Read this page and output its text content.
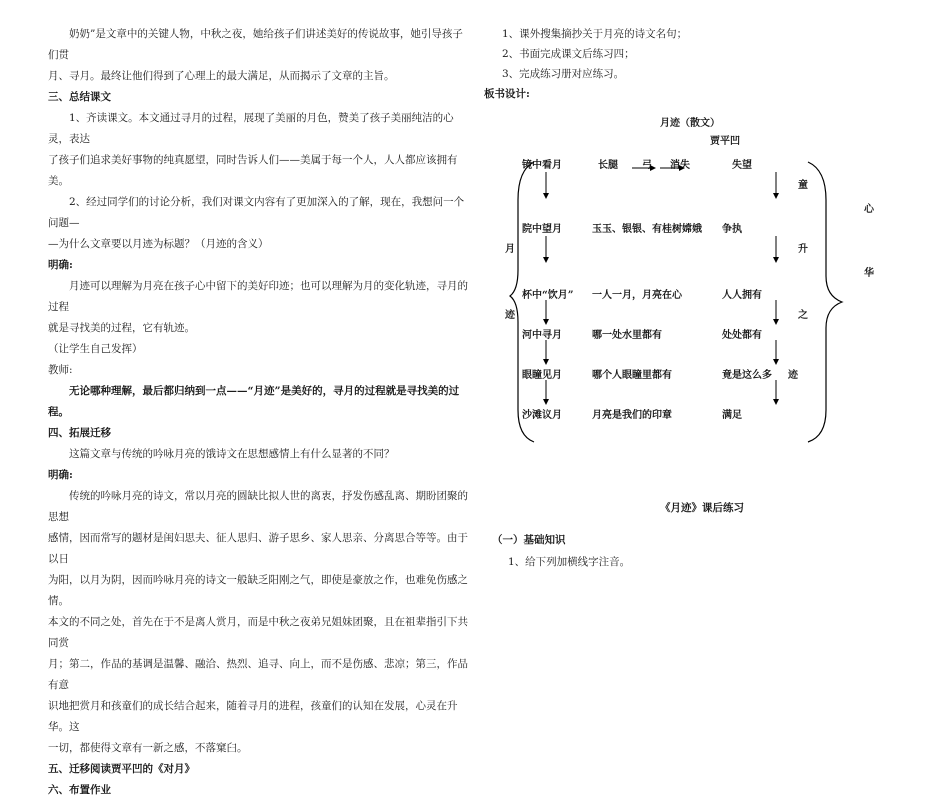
奶奶”是文章中的关键人物，中秋之夜，她给孩子们讲述美好的传说故事，她引导孩子们贯

月、寻月。最终让他们得到了心理上的最大满足，从而揭示了文章的主旨。

三、总结课文

1、齐读课文。本文通过寻月的过程，展现了美丽的月色，赞美了孩子美丽纯洁的心灵，表达

了孩子们追求美好事物的纯真愿望，同时告诉人们——美属于每一个人，人人都应该拥有美。

2、经过同学们的讨论分析，我们对课文内容有了更加深入的了解，现在，我想问一个问题—

—为什么文章要以月迹为标题？（月迹的含义）

明确:

月迹可以理解为月亮在孩子心中留下的美好印迹；也可以理解为月的变化轨迹，寻月的过程

就是寻找美的过程，它有轨迹。

（让学生自己发挥）

教师:

无论哪种理解，最后都归纳到一点——“月迹”是美好的，寻月的过程就是寻找美的过程。

四、拓展迁移

这篇文章与传统的吟咏月亮的饿诗文在思想感情上有什么显著的不同？

明确:

传统的吟咏月亮的诗文，常以月亮的圆缺比拟人世的离衷，抒发伤感乱离、期盼团聚的思想

感情，因而常写的题材是闺妇思夫、征人思归、游子思乡、家人思亲、分离思合等等。由于以日

为阳，以月为阴，因而吟咏月亮的诗文一般缺乏阳刚之气，即使是豪放之作，也难免伤感之情。

本文的不同之处，首先在于不是离人赏月，而是中秋之夜弟兄姐妹团聚，且在祖辈指引下共同赏

月；第二，作品的基调是温馨、融洽、热烈、追寻、向上，而不是伤感、悲凉；第三，作品有意

识地把赏月和孩童们的成长结合起来，随着寻月的进程，孩童们的认知在发展，心灵在升华。这

一切，都使得文章有一新之感，不落窠臼。

五、迁移阅读贾平凹的《对月》

六、布置作业

1、课外搜集摘抄关于月亮的诗文名句；

2、书面完成课文后练习四；

3、完成练习册对应练习。

板书设计:

月迹（散文）
贾平凹
月
迹
镜中看月
院中望月
杯中“饮月”
河中寻月
眼瞳见月
沙滩议月
长腿 弓 消失
玉玉、银银、有桂树嫦娥
一人一月，月亮在心
哪一处水里都有
哪个人眼瞳里都有
月亮是我们的印章
失望
争执
人人拥有
处处都有
竟是这么多
满足
童
升
之
迹
心
华
《月迹》课后练习
（一）基础知识
1、给下列加横线字注音。
